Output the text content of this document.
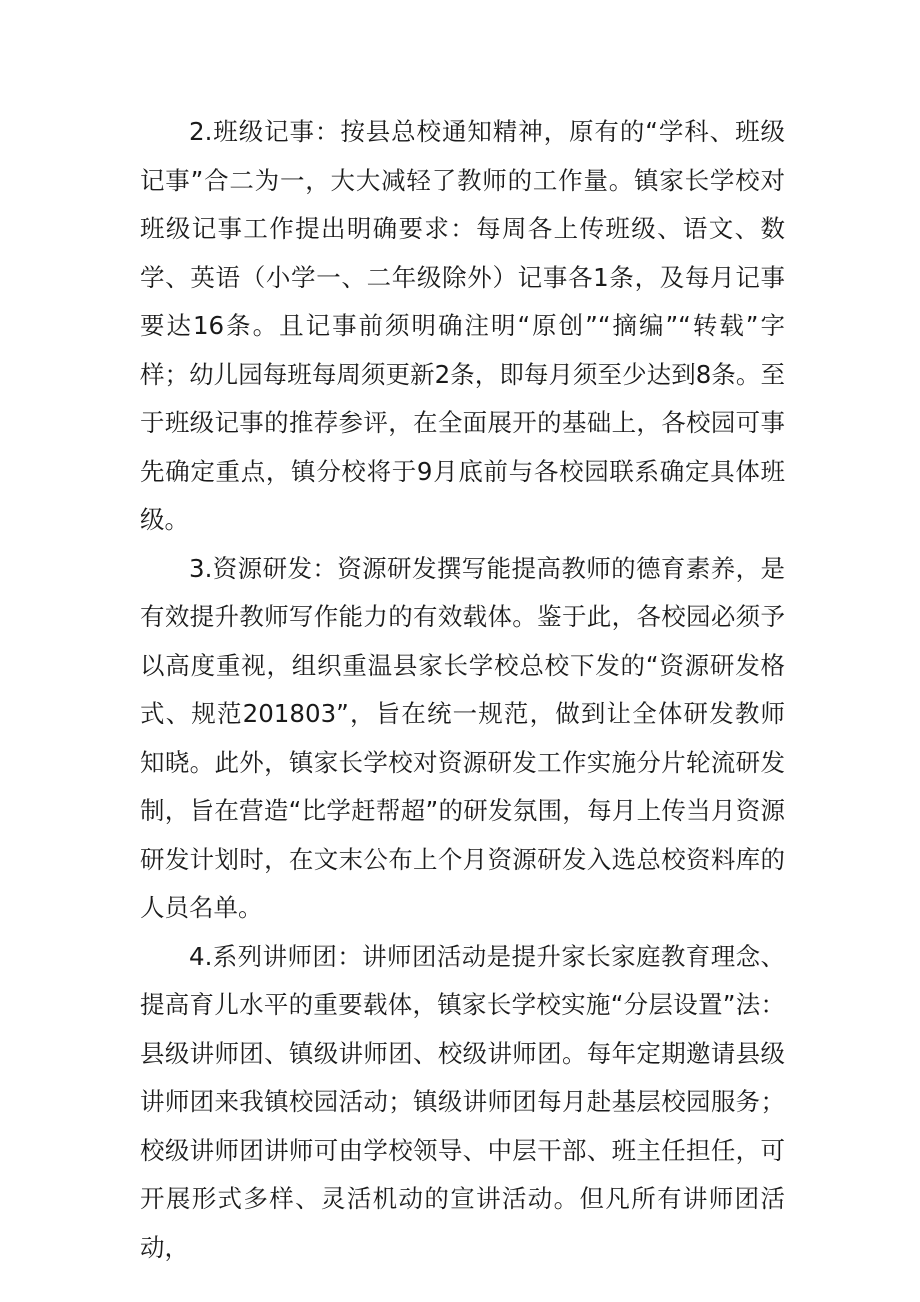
2.班级记事：按县总校通知精神，原有的“学科、班级记事”合二为一，大大减轻了教师的工作量。镇家长学校对班级记事工作提出明确要求：每周各上传班级、语文、数学、英语（小学一、二年级除外）记事各1条，及每月记事要达16条。且记事前须明确注明“原创”“摘编”“转载”字样；幼儿园每班每周须更新2条，即每月须至少达到8条。至于班级记事的推荐参评，在全面展开的基础上，各校园可事先确定重点，镇分校将于9月底前与各校园联系确定具体班级。

3.资源研发：资源研发撰写能提高教师的德育素养，是有效提升教师写作能力的有效载体。鉴于此，各校园必须予以高度重视，组织重温县家长学校总校下发的“资源研发格式、规范201803”，旨在统一规范，做到让全体研发教师知晓。此外，镇家长学校对资源研发工作实施分片轮流研发制，旨在营造“比学赶帮超”的研发氛围，每月上传当月资源研发计划时，在文末公布上个月资源研发入选总校资料库的人员名单。

4.系列讲师团：讲师团活动是提升家长家庭教育理念、提高育儿水平的重要载体，镇家长学校实施“分层设置”法：县级讲师团、镇级讲师团、校级讲师团。每年定期邀请县级讲师团来我镇校园活动；镇级讲师团每月赴基层校园服务；校级讲师团讲师可由学校领导、中层干部、班主任担任，可开展形式多样、灵活机动的宣讲活动。但凡所有讲师团活动，
